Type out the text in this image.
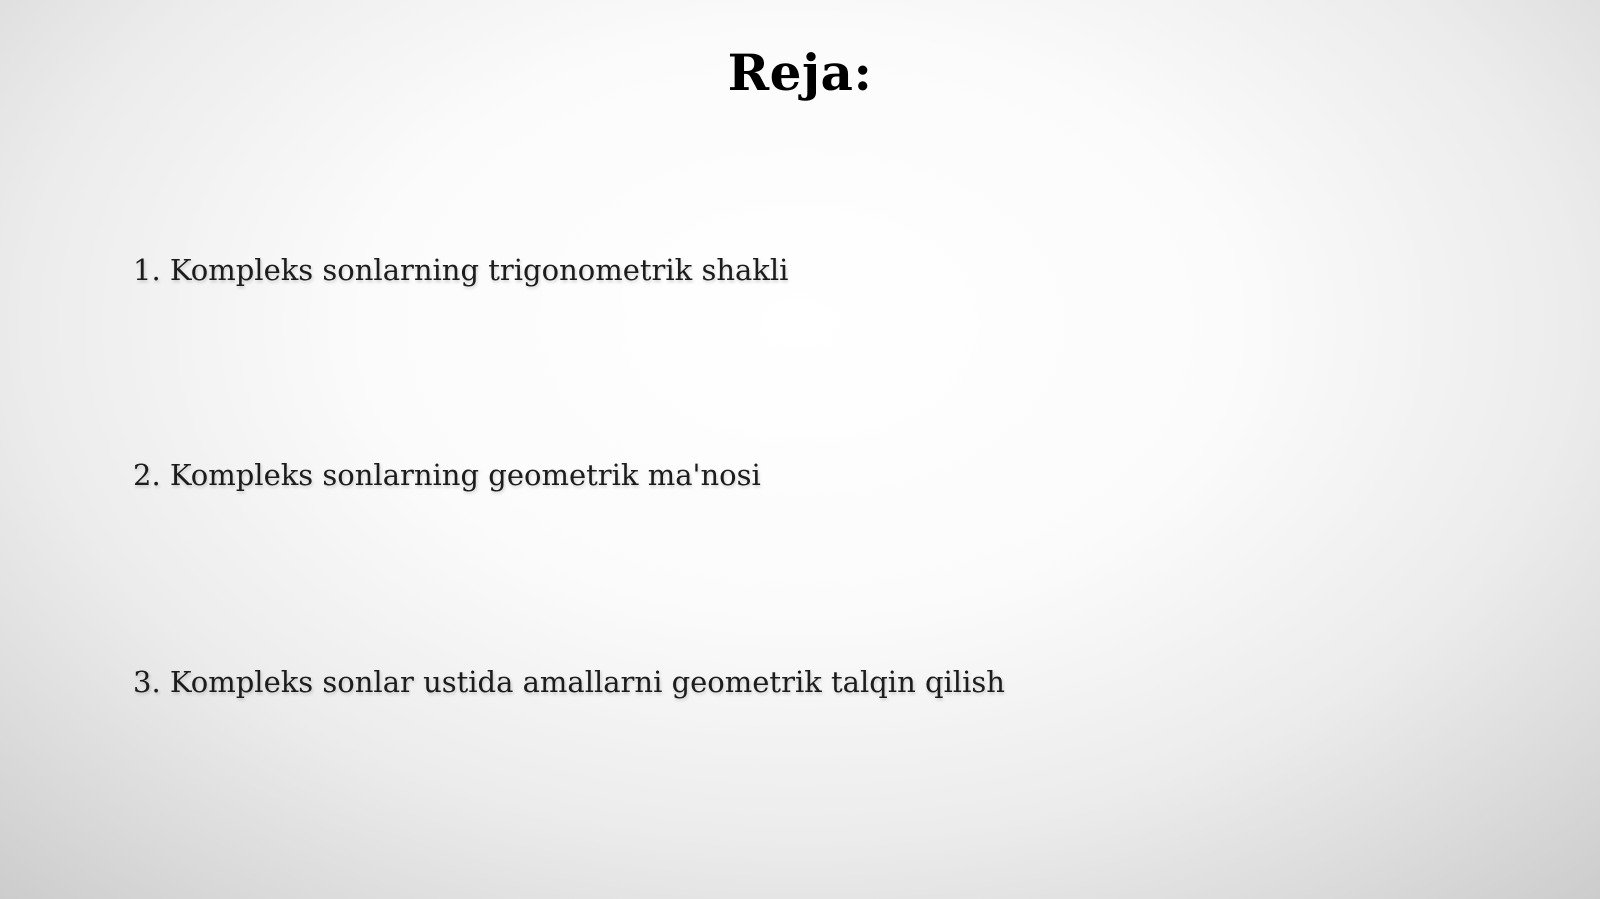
Reja:
1. Kompleks sonlarning trigonometrik shakli
2. Kompleks sonlarning geometrik ma'nosi
3. Kompleks sonlar ustida amallarni geometrik talqin qilish
